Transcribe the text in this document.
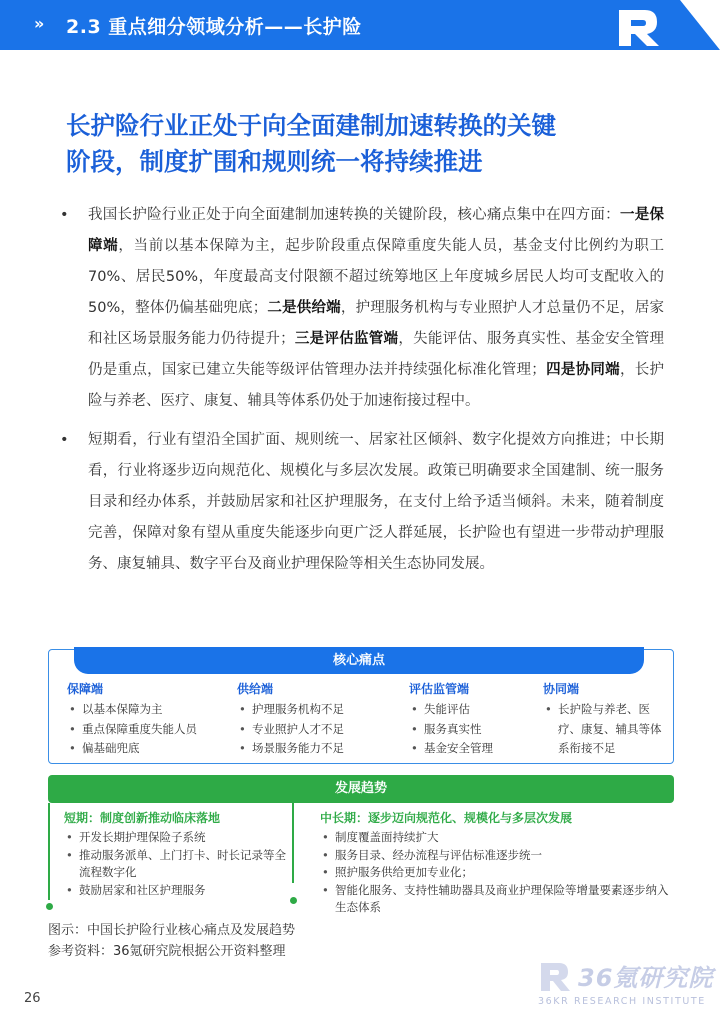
» 2.3 重点细分领域分析——长护险
长护险行业正处于向全面建制加速转换的关键
阶段，制度扩围和规则统一将持续推进
• 我国长护险行业正处于向全面建制加速转换的关键阶段，核心痛点集中在四方面：一是保障端，当前以基本保障为主，起步阶段重点保障重度失能人员，基金支付比例约为职工70%、居民50%，年度最高支付限额不超过统筹地区上年度城乡居民人均可支配收入的50%，整体仍偏基础兜底；二是供给端，护理服务机构与专业照护人才总量仍不足，居家和社区场景服务能力仍待提升；三是评估监管端，失能评估、服务真实性、基金安全管理仍是重点，国家已建立失能等级评估管理办法并持续强化标准化管理；四是协同端，长护险与养老、医疗、康复、辅具等体系仍处于加速衔接过程中。
• 短期看，行业有望沿全国扩面、规则统一、居家社区倾斜、数字化提效方向推进；中长期看，行业将逐步迈向规范化、规模化与多层次发展。政策已明确要求全国建制、统一服务目录和经办体系，并鼓励居家和社区护理服务，在支付上给予适当倾斜。未来，随着制度完善，保障对象有望从重度失能逐步向更广泛人群延展，长护险也有望进一步带动护理服务、康复辅具、数字平台及商业护理保险等相关生态协同发展。
核心痛点
保障端
• 以基本保障为主
• 重点保障重度失能人员
• 偏基础兜底
供给端
• 护理服务机构不足
• 专业照护人才不足
• 场景服务能力不足
评估监管端
• 失能评估
• 服务真实性
• 基金安全管理
协同端
• 长护险与养老、医疗、康复、辅具等体系衔接不足
发展趋势
短期：制度创新推动临床落地
• 开发长期护理保险子系统
• 推动服务派单、上门打卡、时长记录等全流程数字化
• 鼓励居家和社区护理服务
中长期：逐步迈向规范化、规模化与多层次发展
• 制度覆盖面持续扩大
• 服务目录、经办流程与评估标准逐步统一
• 照护服务供给更加专业化；
• 智能化服务、支持性辅助器具及商业护理保险等增量要素逐步纳入生态体系
图示：中国长护险行业核心痛点及发展趋势
参考资料：36氪研究院根据公开资料整理
26
36氪研究院
36KR RESEARCH INSTITUTE
